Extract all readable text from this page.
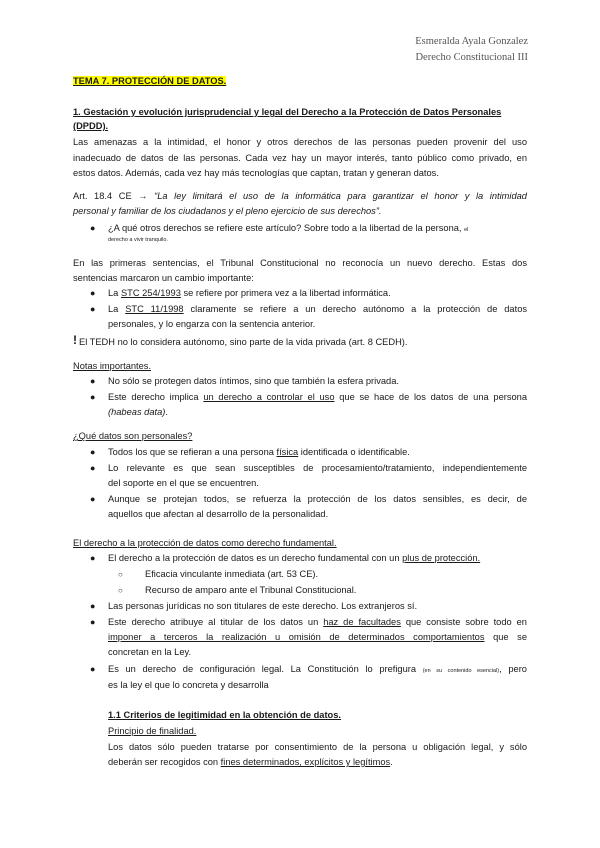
Esmeralda Ayala Gonzalez
Derecho Constitucional III
TEMA 7. PROTECCIÓN DE DATOS.
1. Gestación y evolución jurisprudencial y legal del Derecho a la Protección de Datos Personales
(DPDD).
Las amenazas a la intimidad, el honor y otros derechos de las personas pueden provenir del uso
inadecuado de datos de las personas. Cada vez hay un mayor interés, tanto público como privado, en
estos datos. Además, cada vez hay más tecnologías que captan, tratan y generan datos.
Art. 18.4 CE → “La ley limitará el uso de la informática para garantizar el honor y la intimidad
personal y familiar de los ciudadanos y el pleno ejercicio de sus derechos”.
● ¿A qué otros derechos se refiere este artículo? Sobre todo a la libertad de la persona, el
derecho a vivir tranquilo.
En las primeras sentencias, el Tribunal Constitucional no reconocía un nuevo derecho. Estas dos
sentencias marcaron un cambio importante:
● La STC 254/1993 se refiere por primera vez a la libertad informática.
● La STC 11/1998 claramente se refiere a un derecho autónomo a la protección de datos
personales, y lo engarza con la sentencia anterior.
! El TEDH no lo considera autónomo, sino parte de la vida privada (art. 8 CEDH).
Notas importantes.
● No sólo se protegen datos íntimos, sino que también la esfera privada.
● Este derecho implica un derecho a controlar el uso que se hace de los datos de una persona
(habeas data).
¿Qué datos son personales?
● Todos los que se refieran a una persona física identificada o identificable.
● Lo relevante es que sean susceptibles de procesamiento/tratamiento, independientemente
del soporte en el que se encuentren.
● Aunque se protejan todos, se refuerza la protección de los datos sensibles, es decir, de
aquellos que afectan al desarrollo de la personalidad.
El derecho a la protección de datos como derecho fundamental.
● El derecho a la protección de datos es un derecho fundamental con un plus de protección.
○ Eficacia vinculante inmediata (art. 53 CE).
○ Recurso de amparo ante el Tribunal Constitucional.
● Las personas jurídicas no son titulares de este derecho. Los extranjeros sí.
● Este derecho atribuye al titular de los datos un haz de facultades que consiste sobre todo en
imponer a terceros la realización u omisión de determinados comportamientos que se
concretan en la Ley.
● Es un derecho de configuración legal. La Constitución lo prefigura (en su contenido esencial), pero
es la ley el que lo concreta y desarrolla
1.1 Criterios de legitimidad en la obtención de datos.
Principio de finalidad.
Los datos sólo pueden tratarse por consentimiento de la persona u obligación legal, y sólo
deberán ser recogidos con fines determinados, explícitos y legítimos.
